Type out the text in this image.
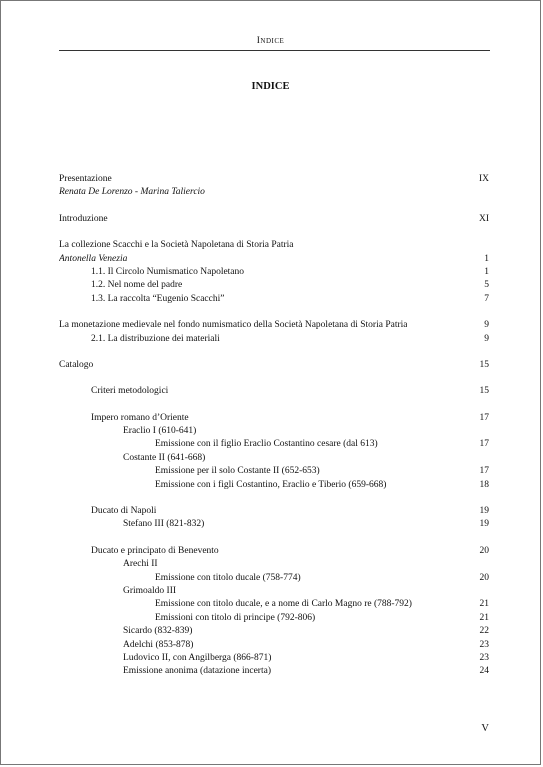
Indice
INDICE
Presentazione	IX
Renata De Lorenzo - Marina Taliercio
Introduzione	XI
La collezione Scacchi e la Società Napoletana di Storia Patria
Antonella Venezia	1
1.1. Il Circolo Numismatico Napoletano	1
1.2. Nel nome del padre	5
1.3. La raccolta “Eugenio Scacchi”	7
La monetazione medievale nel fondo numismatico della Società Napoletana di Storia Patria	9
2.1. La distribuzione dei materiali	9
Catalogo	15
Criteri metodologici	15
Impero romano d’Oriente	17
Eraclio I (610-641)
Emissione con il figlio Eraclio Costantino cesare (dal 613)	17
Costante II (641-668)
Emissione per il solo Costante II (652-653)	17
Emissione con i figli Costantino, Eraclio e Tiberio (659-668)	18
Ducato di Napoli	19
Stefano III (821-832)	19
Ducato e principato di Benevento	20
Arechi II
Emissione con titolo ducale (758-774)	20
Grimoaldo III
Emissione con titolo ducale, e a nome di Carlo Magno re (788-792)	21
Emissioni con titolo di principe (792-806)	21
Sicardo (832-839)	22
Adelchi (853-878)	23
Ludovico II, con Angilberga (866-871)	23
Emissione anonima (datazione incerta)	24
V
